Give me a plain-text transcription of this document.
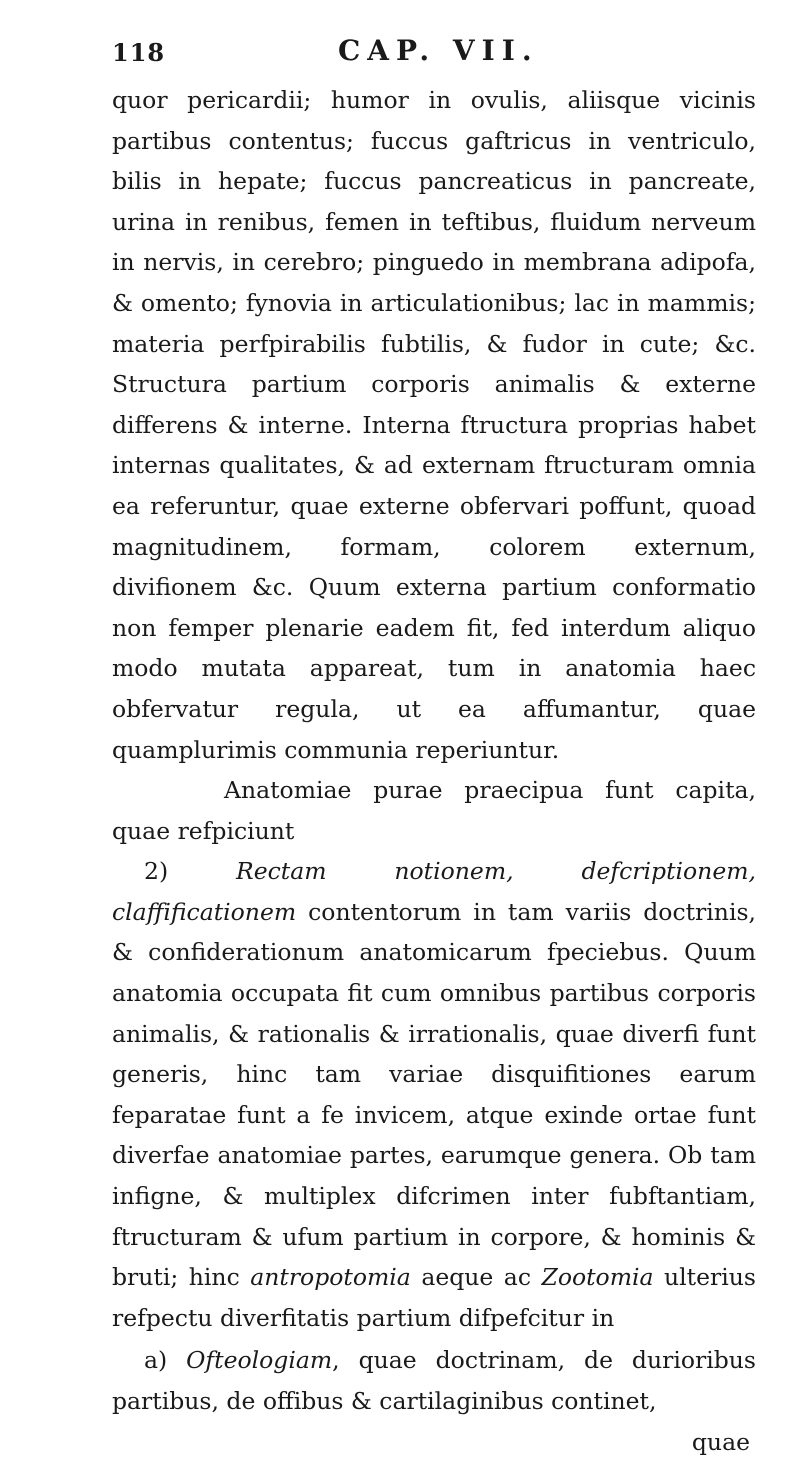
118	CAP. VII.

quor pericardii; humor in ovulis, aliisque vicinis partibus contentus; fuccus gaftricus in ventriculo, bilis in hepate; fuccus pancreaticus in pancreate, urina in renibus, femen in teftibus, fluidum nerveum in nervis, in cerebro; pinguedo in membrana adipofa, & omento; fynovia in articulationibus; lac in mammis; materia perfpirabilis fubtilis, & fudor in cute; &c. Structura partium corporis animalis & externe differens & interne. Interna ftructura proprias habet internas qualitates, & ad externam ftructuram omnia ea referuntur, quae externe obfervari poffunt, quoad magnitudinem, formam, colorem externum, divifionem &c. Quum externa partium conformatio non femper plenarie eadem fit, fed interdum aliquo modo mutata appareat, tum in anatomia haec obfervatur regula, ut ea affumantur, quae quamplurimis communia reperiuntur.

Anatomiae purae praecipua funt capita, quae refpiciunt

2)	Rectam notionem, defcriptionem, claffificationem contentorum in tam variis doctrinis, & confiderationum anatomicarum fpeciebus. Quum anatomia occupata fit cum omnibus partibus corporis animalis, & rationalis & irrationalis, quae diverfi funt generis, hinc tam variae disquifitiones earum feparatae funt a fe invicem, atque exinde ortae funt diverfae anatomiae partes, earumque genera. Ob tam infigne, & multiplex difcrimen inter fubftantiam, ftructuram & ufum partium in corpore, & hominis & bruti; hinc antropotomia aeque ac Zootomia ulterius refpectu diverfitatis partium difpefcitur in

a) Ofteologiam, quae doctrinam, de durioribus partibus, de offibus & cartilaginibus continet,

quae
